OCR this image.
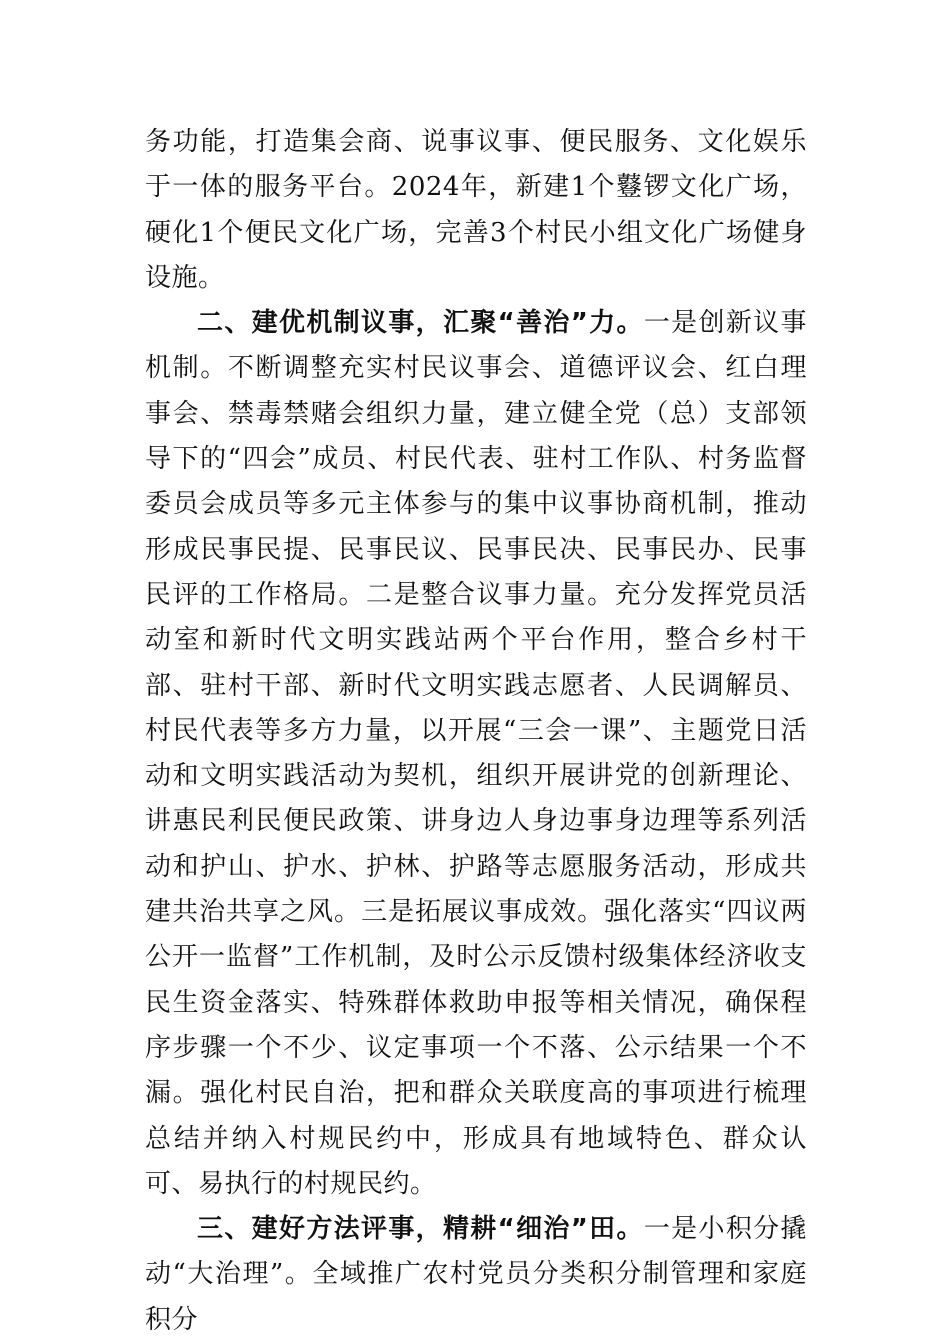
务功能，打造集会商、说事议事、便民服务、文化娱乐于一体的服务平台。2024年，新建1个鼟锣文化广场，硬化1个便民文化广场，完善3个村民小组文化广场健身设施。

二、建优机制议事，汇聚“善治”力。一是创新议事机制。不断调整充实村民议事会、道德评议会、红白理事会、禁毒禁赌会组织力量，建立健全党（总）支部领导下的“四会”成员、村民代表、驻村工作队、村务监督委员会成员等多元主体参与的集中议事协商机制，推动形成民事民提、民事民议、民事民决、民事民办、民事民评的工作格局。二是整合议事力量。充分发挥党员活动室和新时代文明实践站两个平台作用，整合乡村干部、驻村干部、新时代文明实践志愿者、人民调解员、村民代表等多方力量，以开展“三会一课”、主题党日活动和文明实践活动为契机，组织开展讲党的创新理论、讲惠民利民便民政策、讲身边人身边事身边理等系列活动和护山、护水、护林、护路等志愿服务活动，形成共建共治共享之风。三是拓展议事成效。强化落实“四议两公开一监督”工作机制，及时公示反馈村级集体经济收支民生资金落实、特殊群体救助申报等相关情况，确保程序步骤一个不少、议定事项一个不落、公示结果一个不漏。强化村民自治，把和群众关联度高的事项进行梳理总结并纳入村规民约中，形成具有地域特色、群众认可、易执行的村规民约。

三、建好方法评事，精耕“细治”田。一是小积分撬动“大治理”。全域推广农村党员分类积分制管理和家庭积分
